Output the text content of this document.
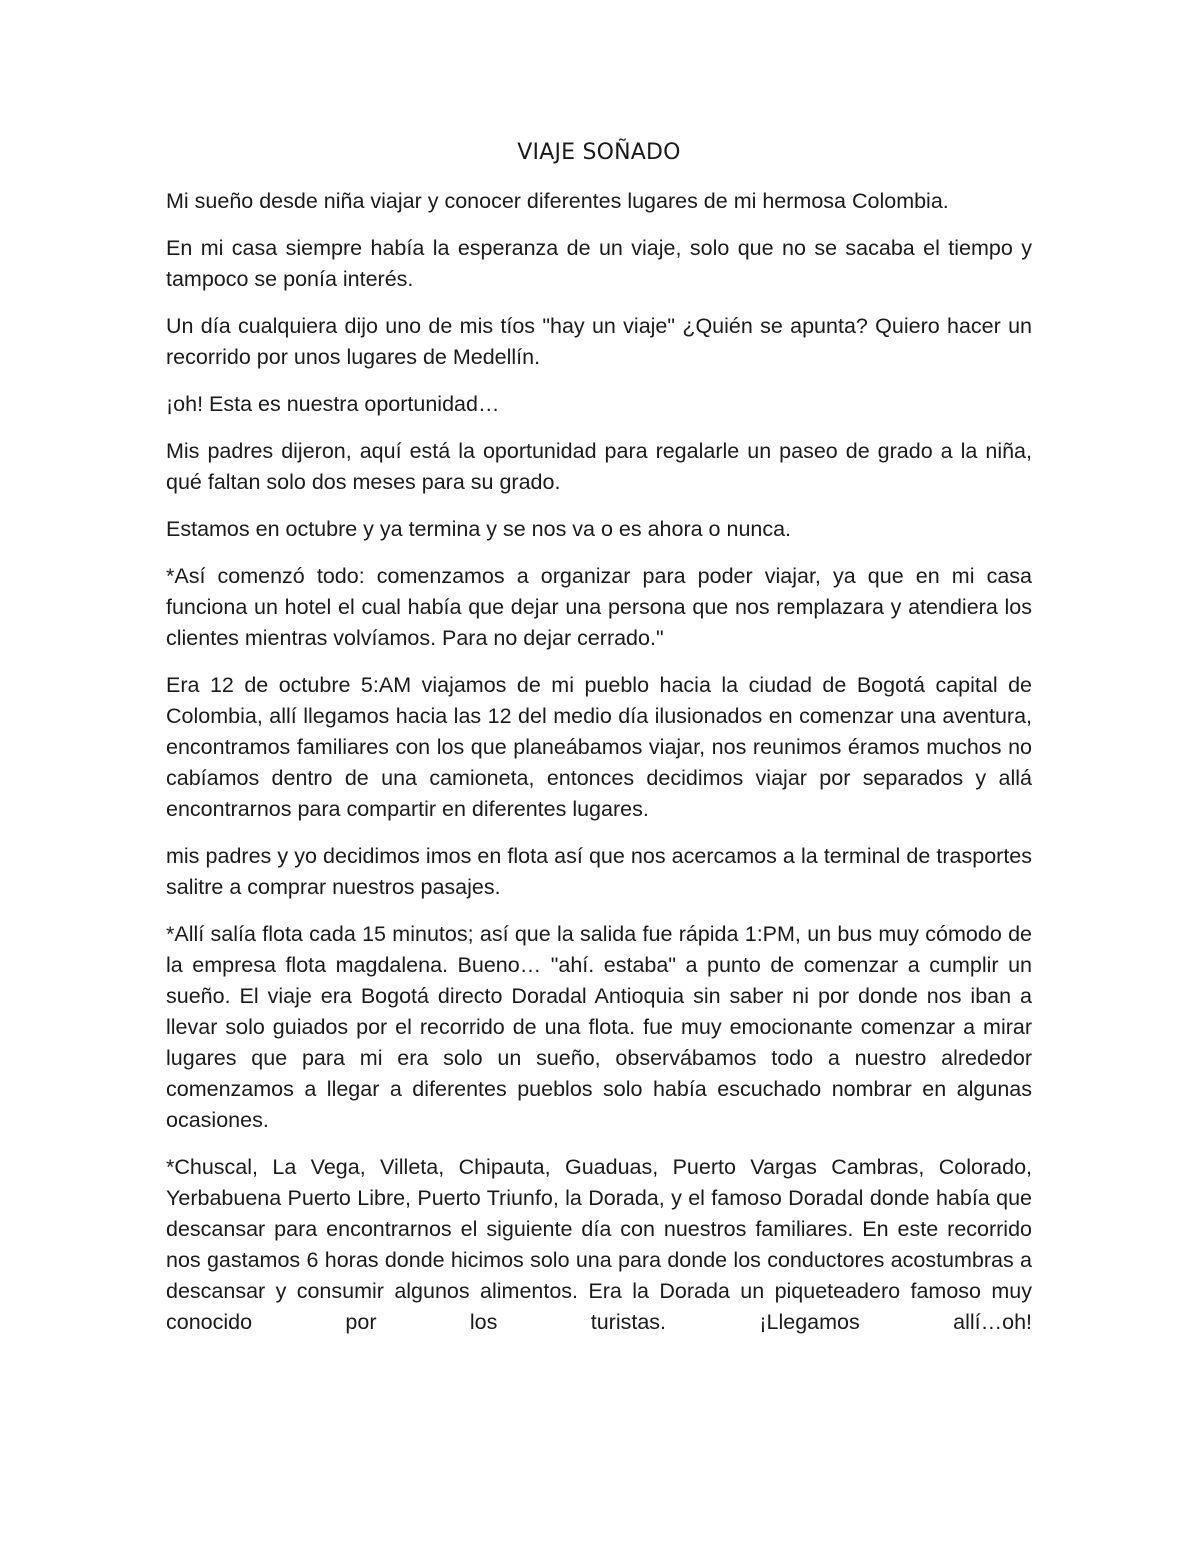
VIAJE SOÑADO

Mi sueño desde niña viajar y conocer diferentes lugares de mi hermosa Colombia.

En mi casa siempre había la esperanza de un viaje, solo que no se sacaba el tiempo y tampoco se ponía interés.

Un día cualquiera dijo uno de mis tíos "hay un viaje" ¿Quién se apunta? Quiero hacer un recorrido por unos lugares de Medellín.

¡oh! Esta es nuestra oportunidad…

Mis padres dijeron, aquí está la oportunidad para regalarle un paseo de grado a la niña, qué faltan solo dos meses para su grado.

Estamos en octubre y ya termina y se nos va o es ahora o nunca.

*Así comenzó todo: comenzamos a organizar para poder viajar, ya que en mi casa funciona un hotel el cual había que dejar una persona que nos remplazara y atendiera los clientes mientras volvíamos. Para no dejar cerrado."

Era 12 de octubre 5:AM viajamos de mi pueblo hacia la ciudad de Bogotá capital de Colombia, allí llegamos hacia las 12 del medio día ilusionados en comenzar una aventura, encontramos familiares con los que planeábamos viajar, nos reunimos éramos muchos no cabíamos dentro de una camioneta, entonces decidimos viajar por separados y allá encontrarnos para compartir en diferentes lugares.

mis padres y yo decidimos imos en flota así que nos acercamos a la terminal de trasportes salitre a comprar nuestros pasajes.

*Allí salía flota cada 15 minutos; así que la salida fue rápida 1:PM, un bus muy cómodo de la empresa flota magdalena. Bueno… "ahí. estaba" a punto de comenzar a cumplir un sueño. El viaje era Bogotá directo Doradal Antioquia sin saber ni por donde nos iban a llevar solo guiados por el recorrido de una flota. fue muy emocionante comenzar a mirar lugares que para mi era solo un sueño, observábamos todo a nuestro alrededor comenzamos a llegar a diferentes pueblos solo había escuchado nombrar en algunas ocasiones.

*Chuscal, La Vega, Villeta, Chipauta, Guaduas, Puerto Vargas Cambras, Colorado, Yerbabuena Puerto Libre, Puerto Triunfo, la Dorada, y el famoso Doradal donde había que descansar para encontrarnos el siguiente día con nuestros familiares. En este recorrido nos gastamos 6 horas donde hicimos solo una para donde los conductores acostumbras a descansar y consumir algunos alimentos. Era la Dorada un piqueteadero famoso muy conocido por los turistas. ¡Llegamos allí…oh!
